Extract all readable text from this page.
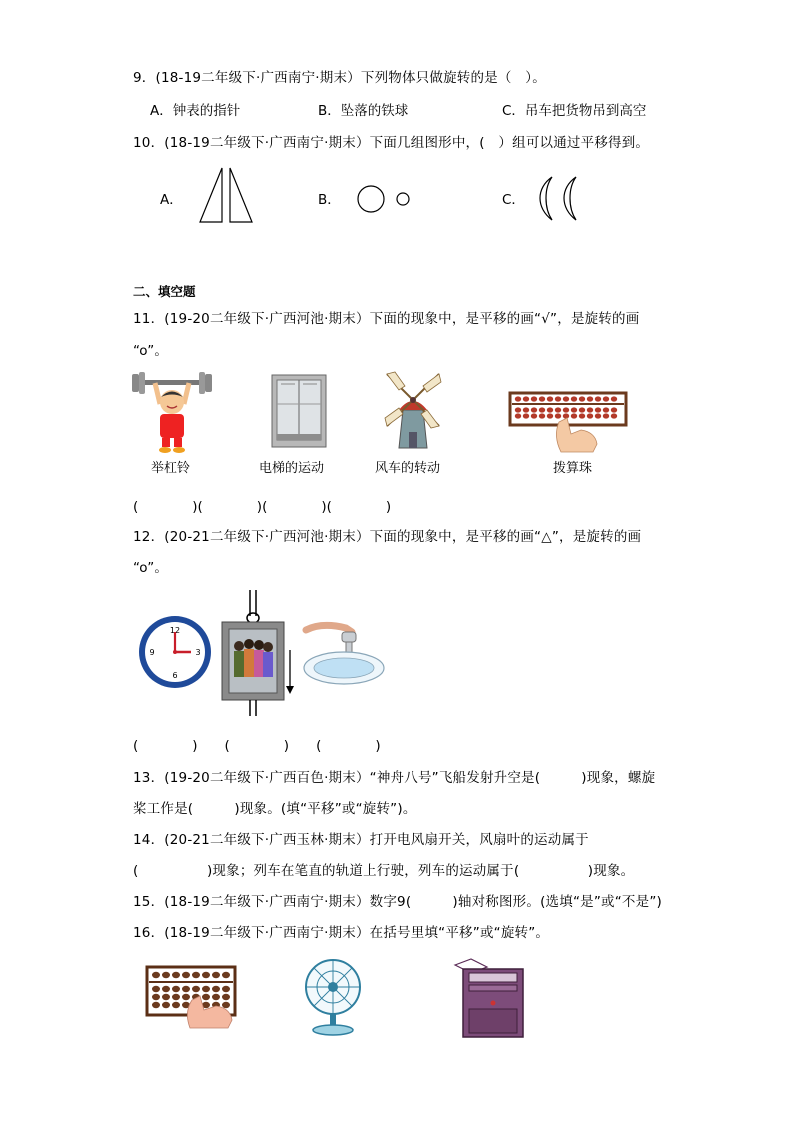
9．(18-19二年级下·广西南宁·期末）下列物体只做旋转的是（　）。
A．钟表的指针	B．坠落的铁球	C．吊车把货物吊到高空
10．(18-19二年级下·广西南宁·期末）下面几组图形中，(　）组可以通过平移得到。
A．	B．	C．
二、填空题
11．(19-20二年级下·广西河池·期末）下面的现象中，是平移的画“√”，是旋转的画
“o”。
举杠铃	电梯的运动	风车的转动	拨算珠
(　　　　)(　　　　)(　　　　)(　　　　)
12．(20-21二年级下·广西河池·期末）下面的现象中，是平移的画“△”，是旋转的画
“o”。
12
3
6
9
(　　　　)　　(　　　　)　　(　　　　)
13．(19-20二年级下·广西百色·期末）“神舟八号”飞船发射升空是(　　　)现象，螺旋
桨工作是(　　　)现象。(填“平移”或“旋转”)。
14．(20-21二年级下·广西玉林·期末）打开电风扇开关，风扇叶的运动属于
(　　　　　)现象；列车在笔直的轨道上行驶，列车的运动属于(　　　　　)现象。
15．(18-19二年级下·广西南宁·期末）数字9(　　　)轴对称图形。(选填“是”或“不是”)
16．(18-19二年级下·广西南宁·期末）在括号里填“平移”或“旋转”。
